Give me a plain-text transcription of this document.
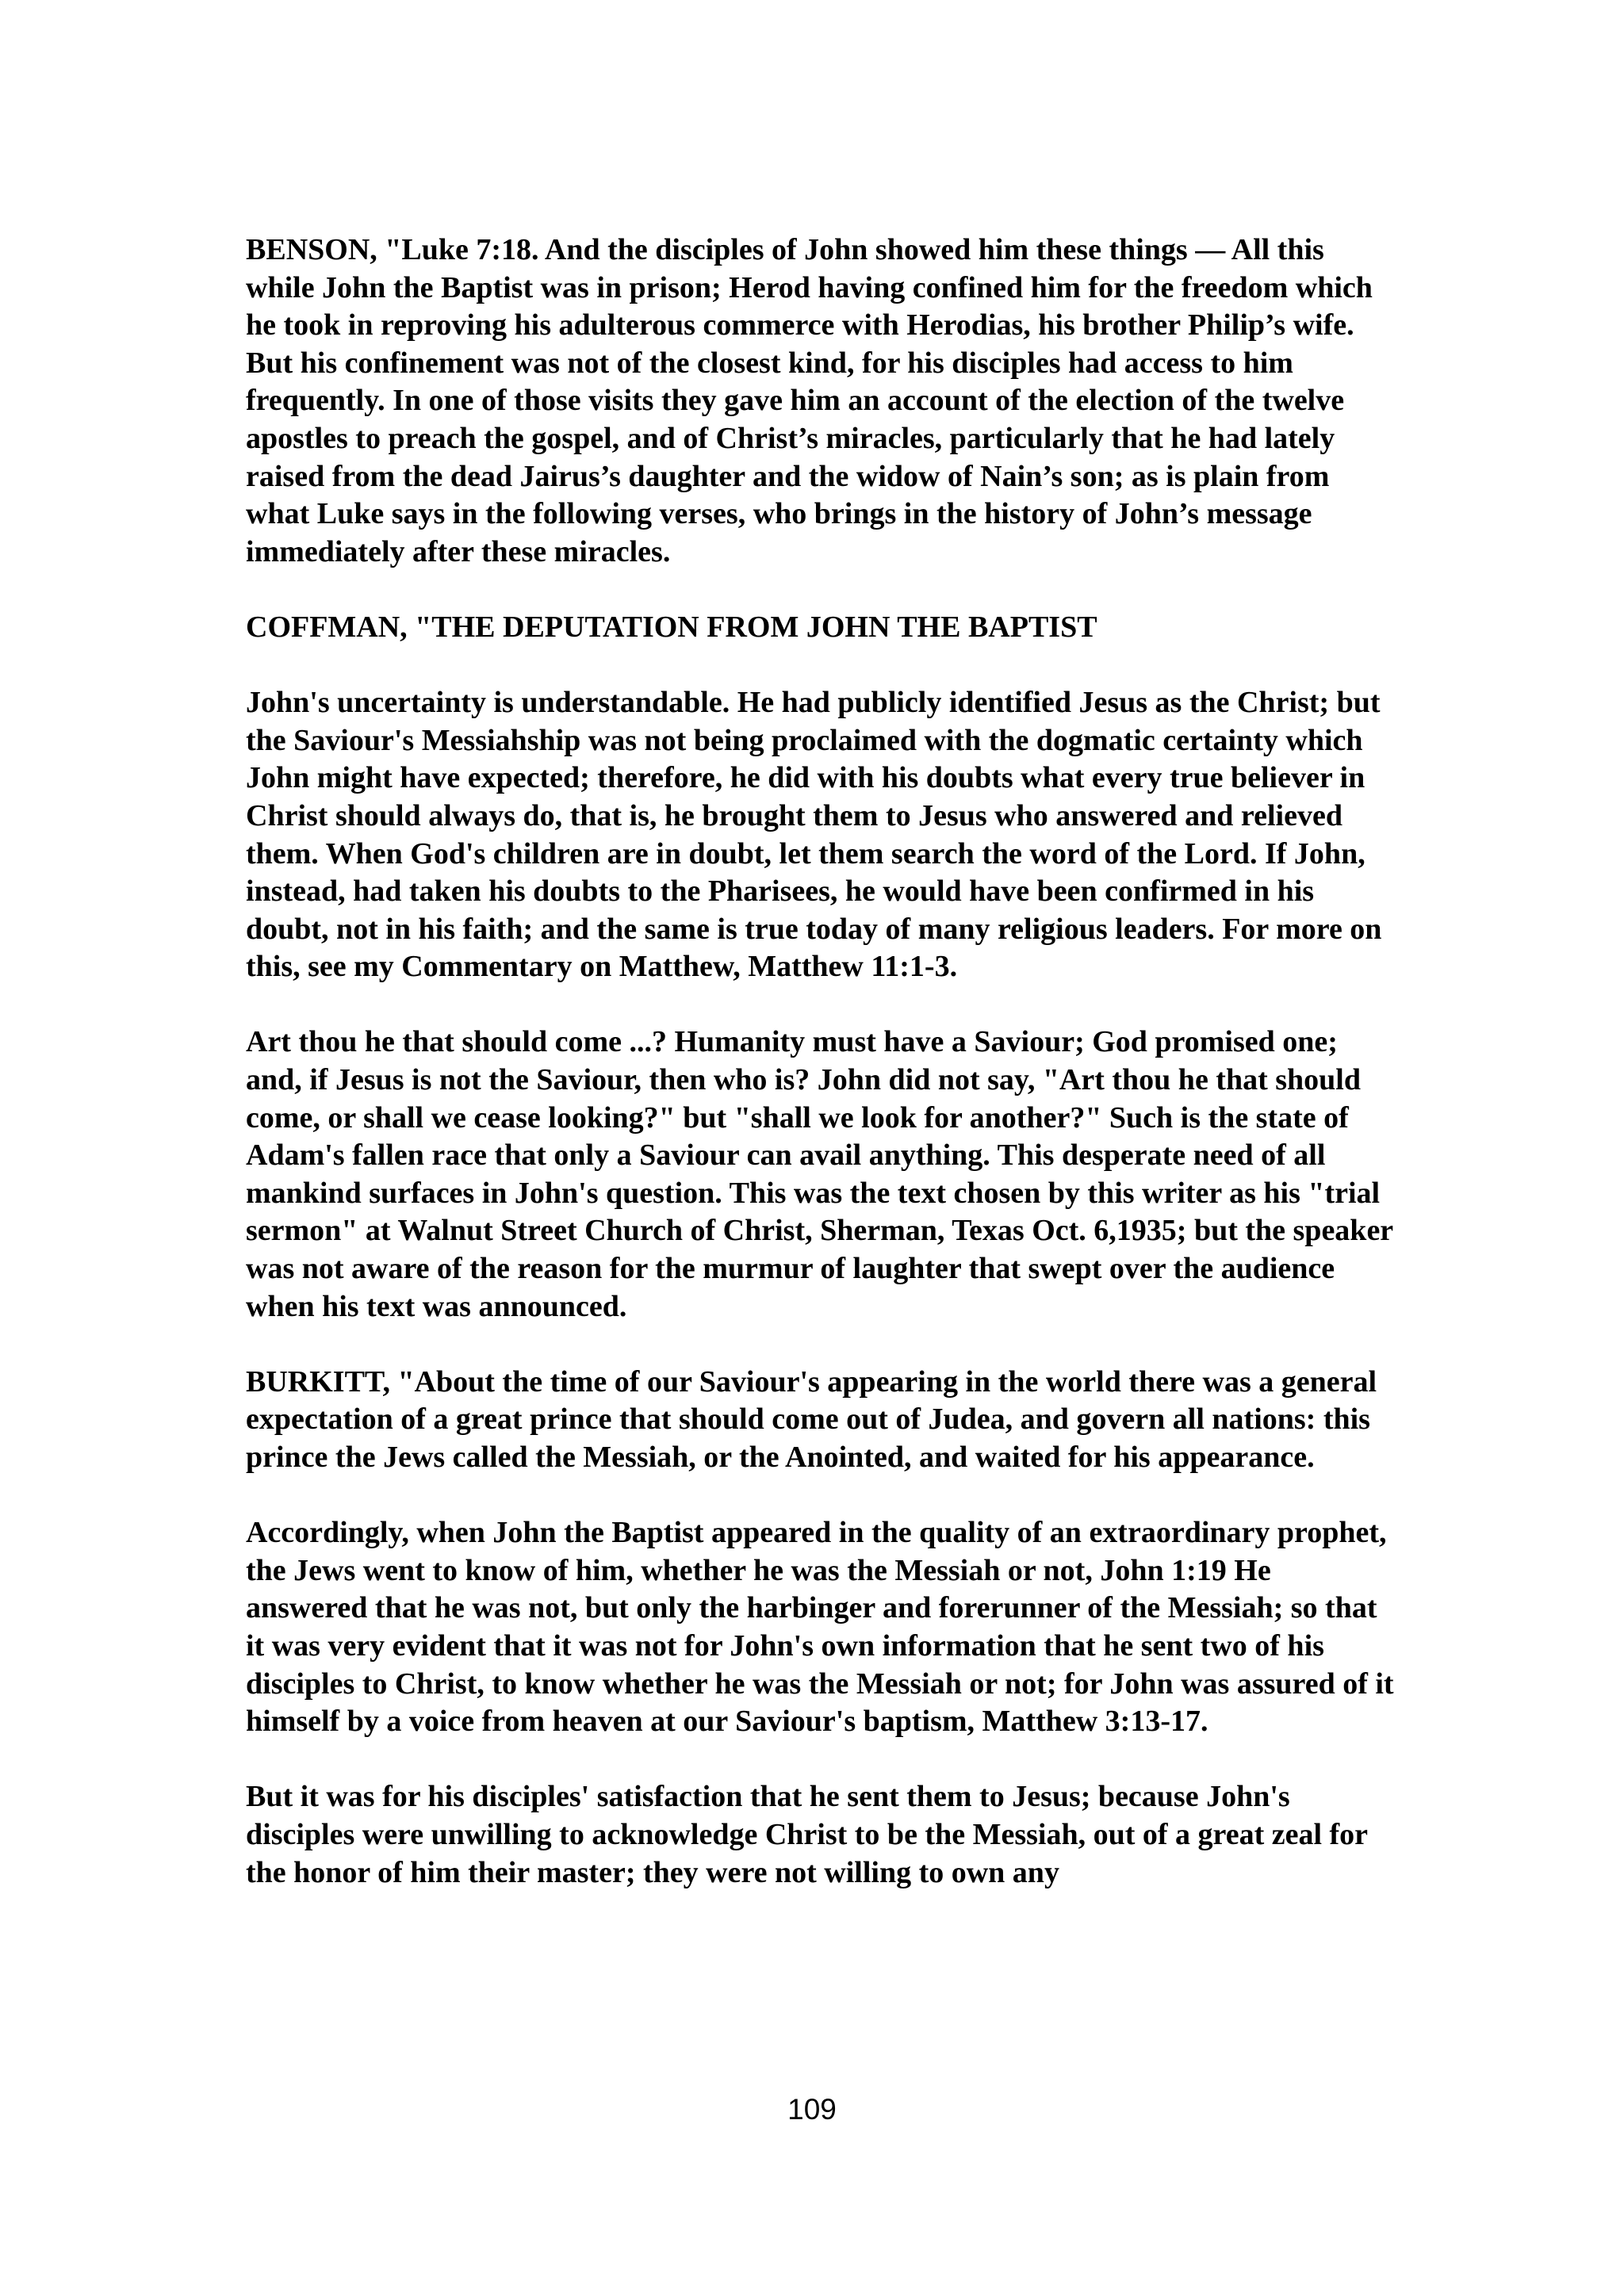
BENSON, "Luke 7:18. And the disciples of John showed him these things — All this while John the Baptist was in prison; Herod having confined him for the freedom which he took in reproving his adulterous commerce with Herodias, his brother Philip’s wife. But his confinement was not of the closest kind, for his disciples had access to him frequently. In one of those visits they gave him an account of the election of the twelve apostles to preach the gospel, and of Christ’s miracles, particularly that he had lately raised from the dead Jairus’s daughter and the widow of Nain’s son; as is plain from what Luke says in the following verses, who brings in the history of John’s message immediately after these miracles.

COFFMAN, "THE DEPUTATION FROM JOHN THE BAPTIST

John's uncertainty is understandable. He had publicly identified Jesus as the Christ; but the Saviour's Messiahship was not being proclaimed with the dogmatic certainty which John might have expected; therefore, he did with his doubts what every true believer in Christ should always do, that is, he brought them to Jesus who answered and relieved them. When God's children are in doubt, let them search the word of the Lord. If John, instead, had taken his doubts to the Pharisees, he would have been confirmed in his doubt, not in his faith; and the same is true today of many religious leaders. For more on this, see my Commentary on Matthew, Matthew 11:1-3.

Art thou he that should come ...? Humanity must have a Saviour; God promised one; and, if Jesus is not the Saviour, then who is? John did not say, "Art thou he that should come, or shall we cease looking?" but "shall we look for another?" Such is the state of Adam's fallen race that only a Saviour can avail anything. This desperate need of all mankind surfaces in John's question. This was the text chosen by this writer as his "trial sermon" at Walnut Street Church of Christ, Sherman, Texas Oct. 6,1935; but the speaker was not aware of the reason for the murmur of laughter that swept over the audience when his text was announced.

BURKITT, "About the time of our Saviour's appearing in the world there was a general expectation of a great prince that should come out of Judea, and govern all nations: this prince the Jews called the Messiah, or the Anointed, and waited for his appearance.

Accordingly, when John the Baptist appeared in the quality of an extraordinary prophet, the Jews went to know of him, whether he was the Messiah or not, John 1:19 He answered that he was not, but only the harbinger and forerunner of the Messiah; so that it was very evident that it was not for John's own information that he sent two of his disciples to Christ, to know whether he was the Messiah or not; for John was assured of it himself by a voice from heaven at our Saviour's baptism, Matthew 3:13-17.

But it was for his disciples' satisfaction that he sent them to Jesus; because John's disciples were unwilling to acknowledge Christ to be the Messiah, out of a great zeal for the honor of him their master; they were not willing to own any

109
